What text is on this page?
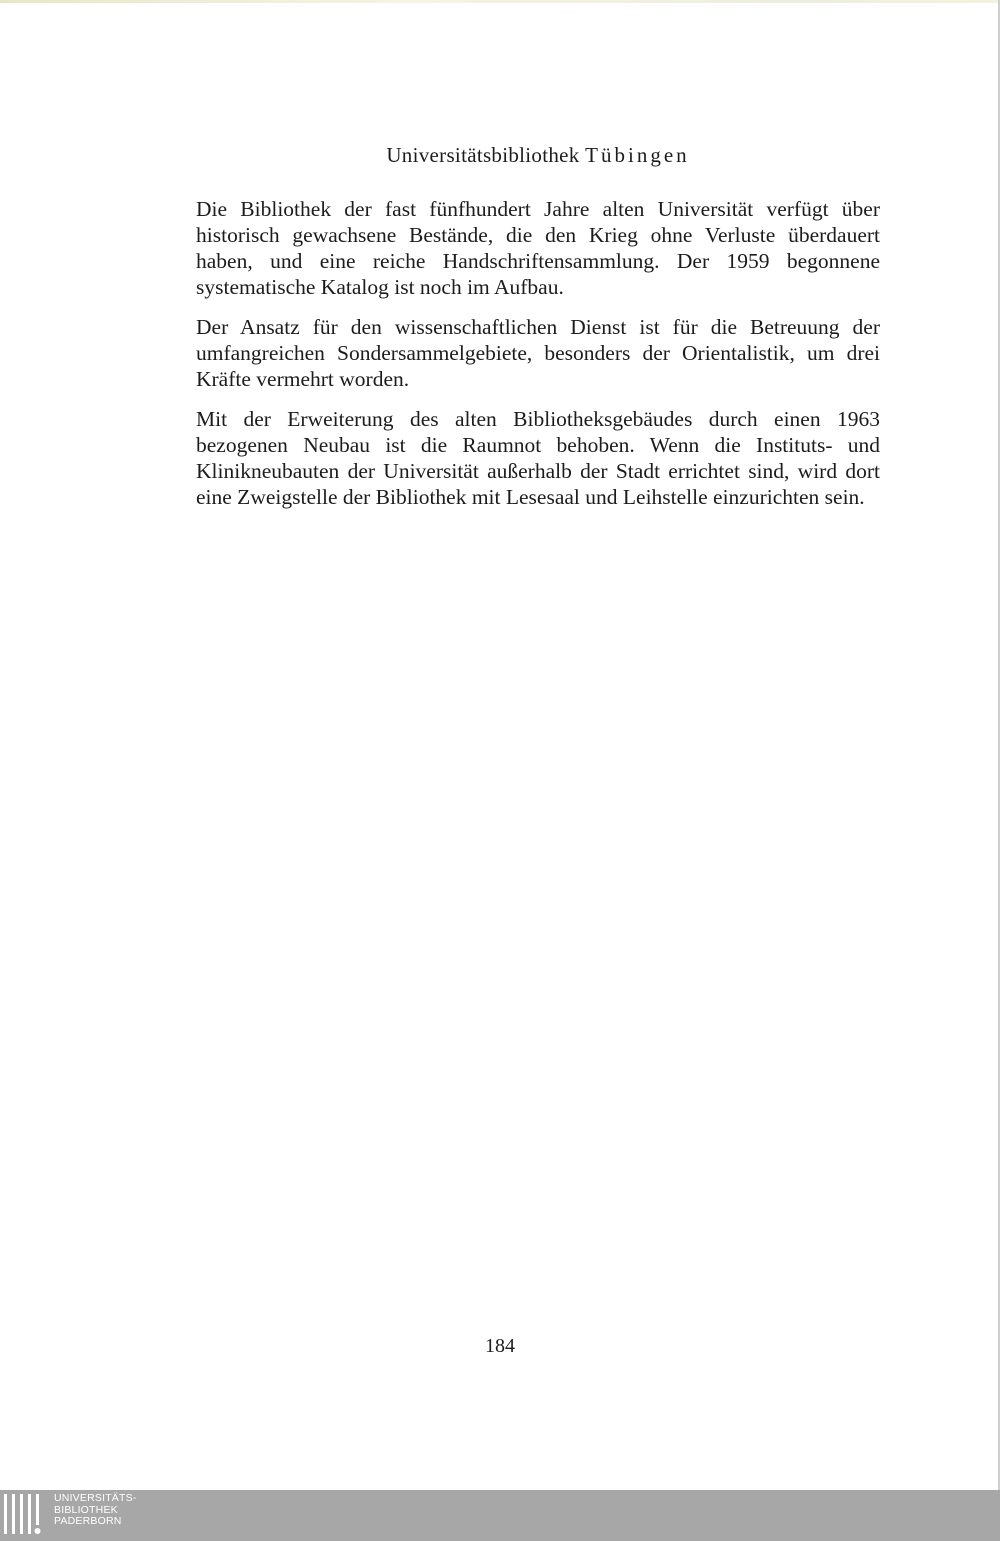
Universitätsbibliothek Tübingen

Die Bibliothek der fast fünfhundert Jahre alten Universität verfügt über historisch gewachsene Bestände, die den Krieg ohne Verluste überdauert haben, und eine reiche Handschriftensammlung. Der 1959 begonnene systematische Katalog ist noch im Aufbau.

Der Ansatz für den wissenschaftlichen Dienst ist für die Betreuung der umfangreichen Sondersammelgebiete, besonders der Orientalistik, um drei Kräfte vermehrt worden.

Mit der Erweiterung des alten Bibliotheksgebäudes durch einen 1963 bezogenen Neubau ist die Raumnot behoben. Wenn die Instituts- und Klinikneubauten der Universität außerhalb der Stadt errichtet sind, wird dort eine Zweigstelle der Bibliothek mit Lesesaal und Leihstelle einzurichten sein.

184
UNIVERSITÄTS-
BIBLIOTHEK
PADERBORN
